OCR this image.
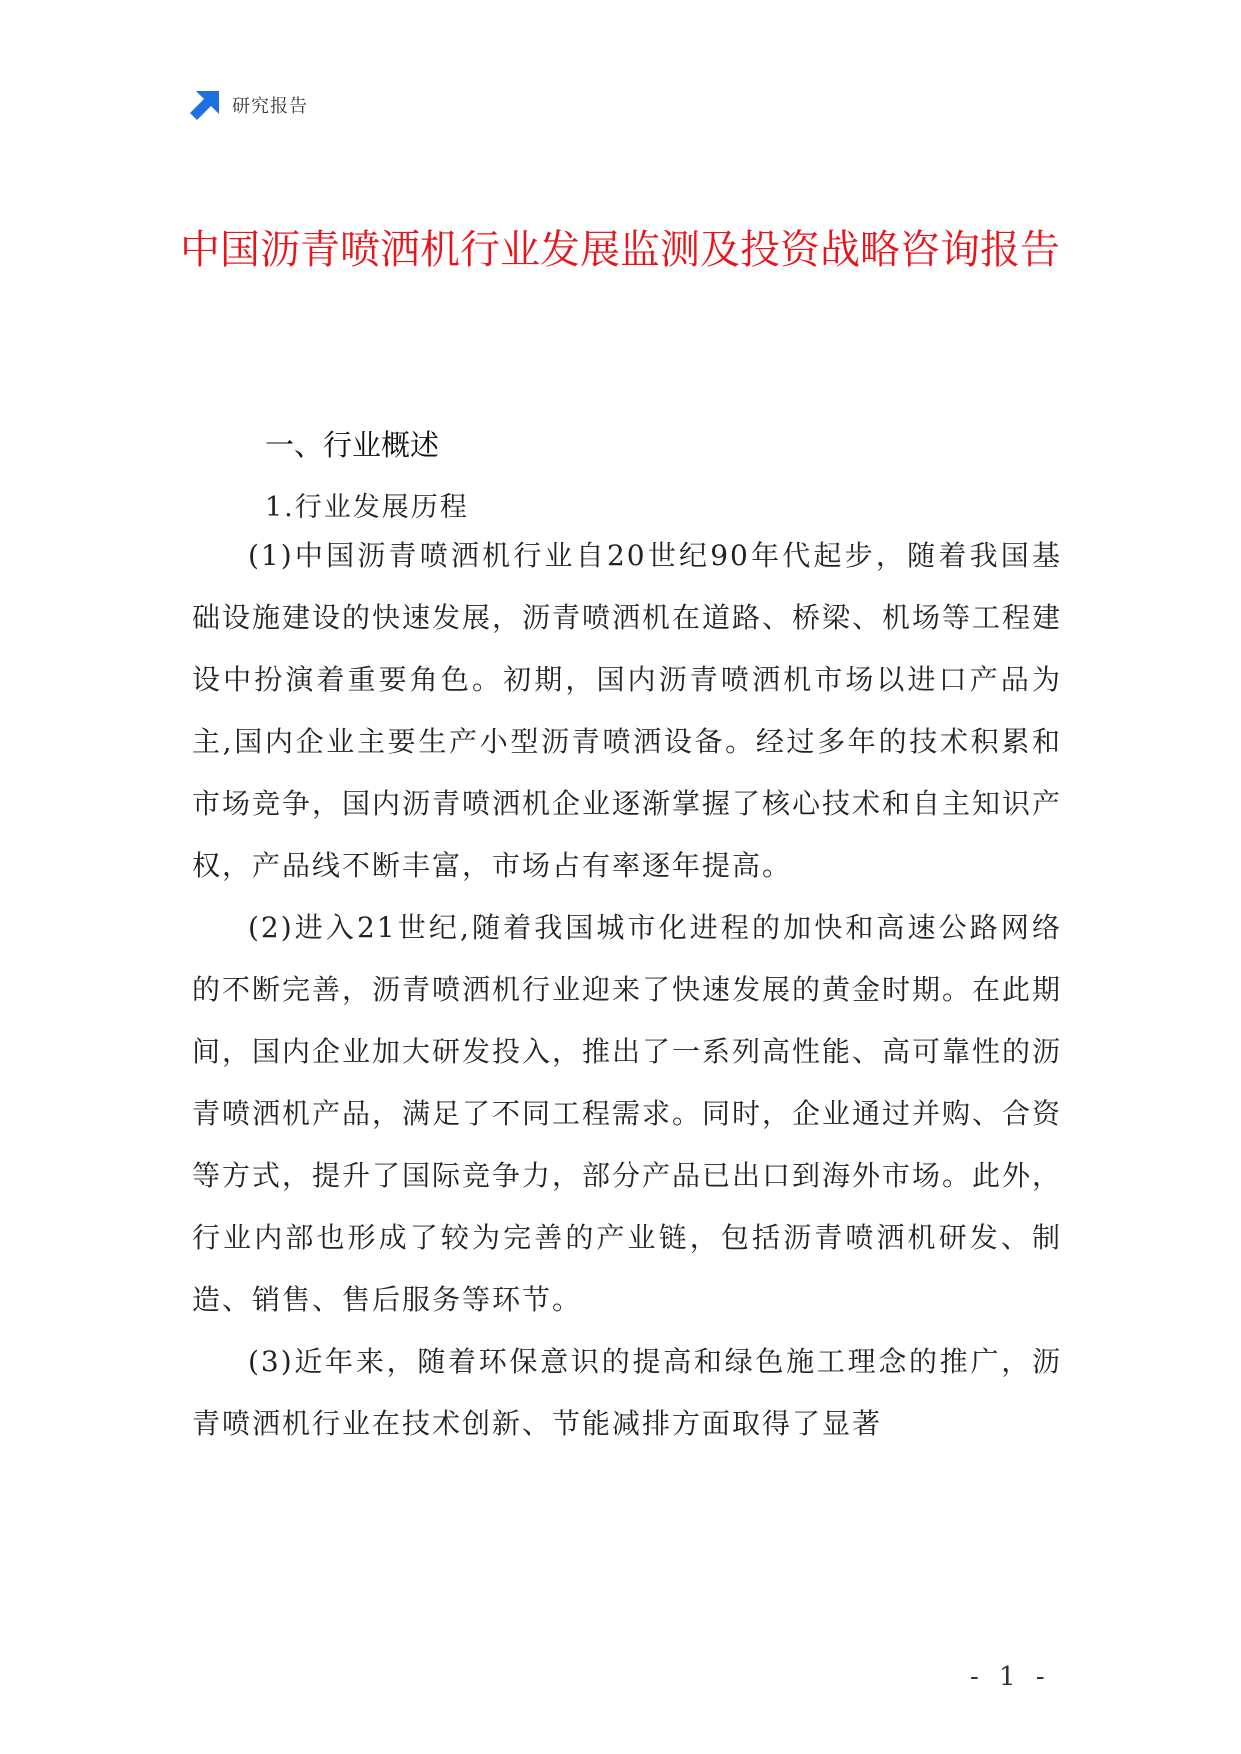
研究报告
中国沥青喷洒机行业发展监测及投资战略咨询报告
一、行业概述
1.行业发展历程

(1)中国沥青喷洒机行业自20世纪90年代起步，随着我国基础设施建设的快速发展，沥青喷洒机在道路、桥梁、机场等工程建设中扮演着重要角色。初期，国内沥青喷洒机市场以进口产品为主,国内企业主要生产小型沥青喷洒设备。经过多年的技术积累和市场竞争，国内沥青喷洒机企业逐渐掌握了核心技术和自主知识产权，产品线不断丰富，市场占有率逐年提高。

(2)进入21世纪,随着我国城市化进程的加快和高速公路网络的不断完善，沥青喷洒机行业迎来了快速发展的黄金时期。在此期间，国内企业加大研发投入，推出了一系列高性能、高可靠性的沥青喷洒机产品，满足了不同工程需求。同时，企业通过并购、合资等方式，提升了国际竞争力，部分产品已出口到海外市场。此外，行业内部也形成了较为完善的产业链，包括沥青喷洒机研发、制造、销售、售后服务等环节。

(3)近年来，随着环保意识的提高和绿色施工理念的推广，沥青喷洒机行业在技术创新、节能减排方面取得了显著

- 1 -
